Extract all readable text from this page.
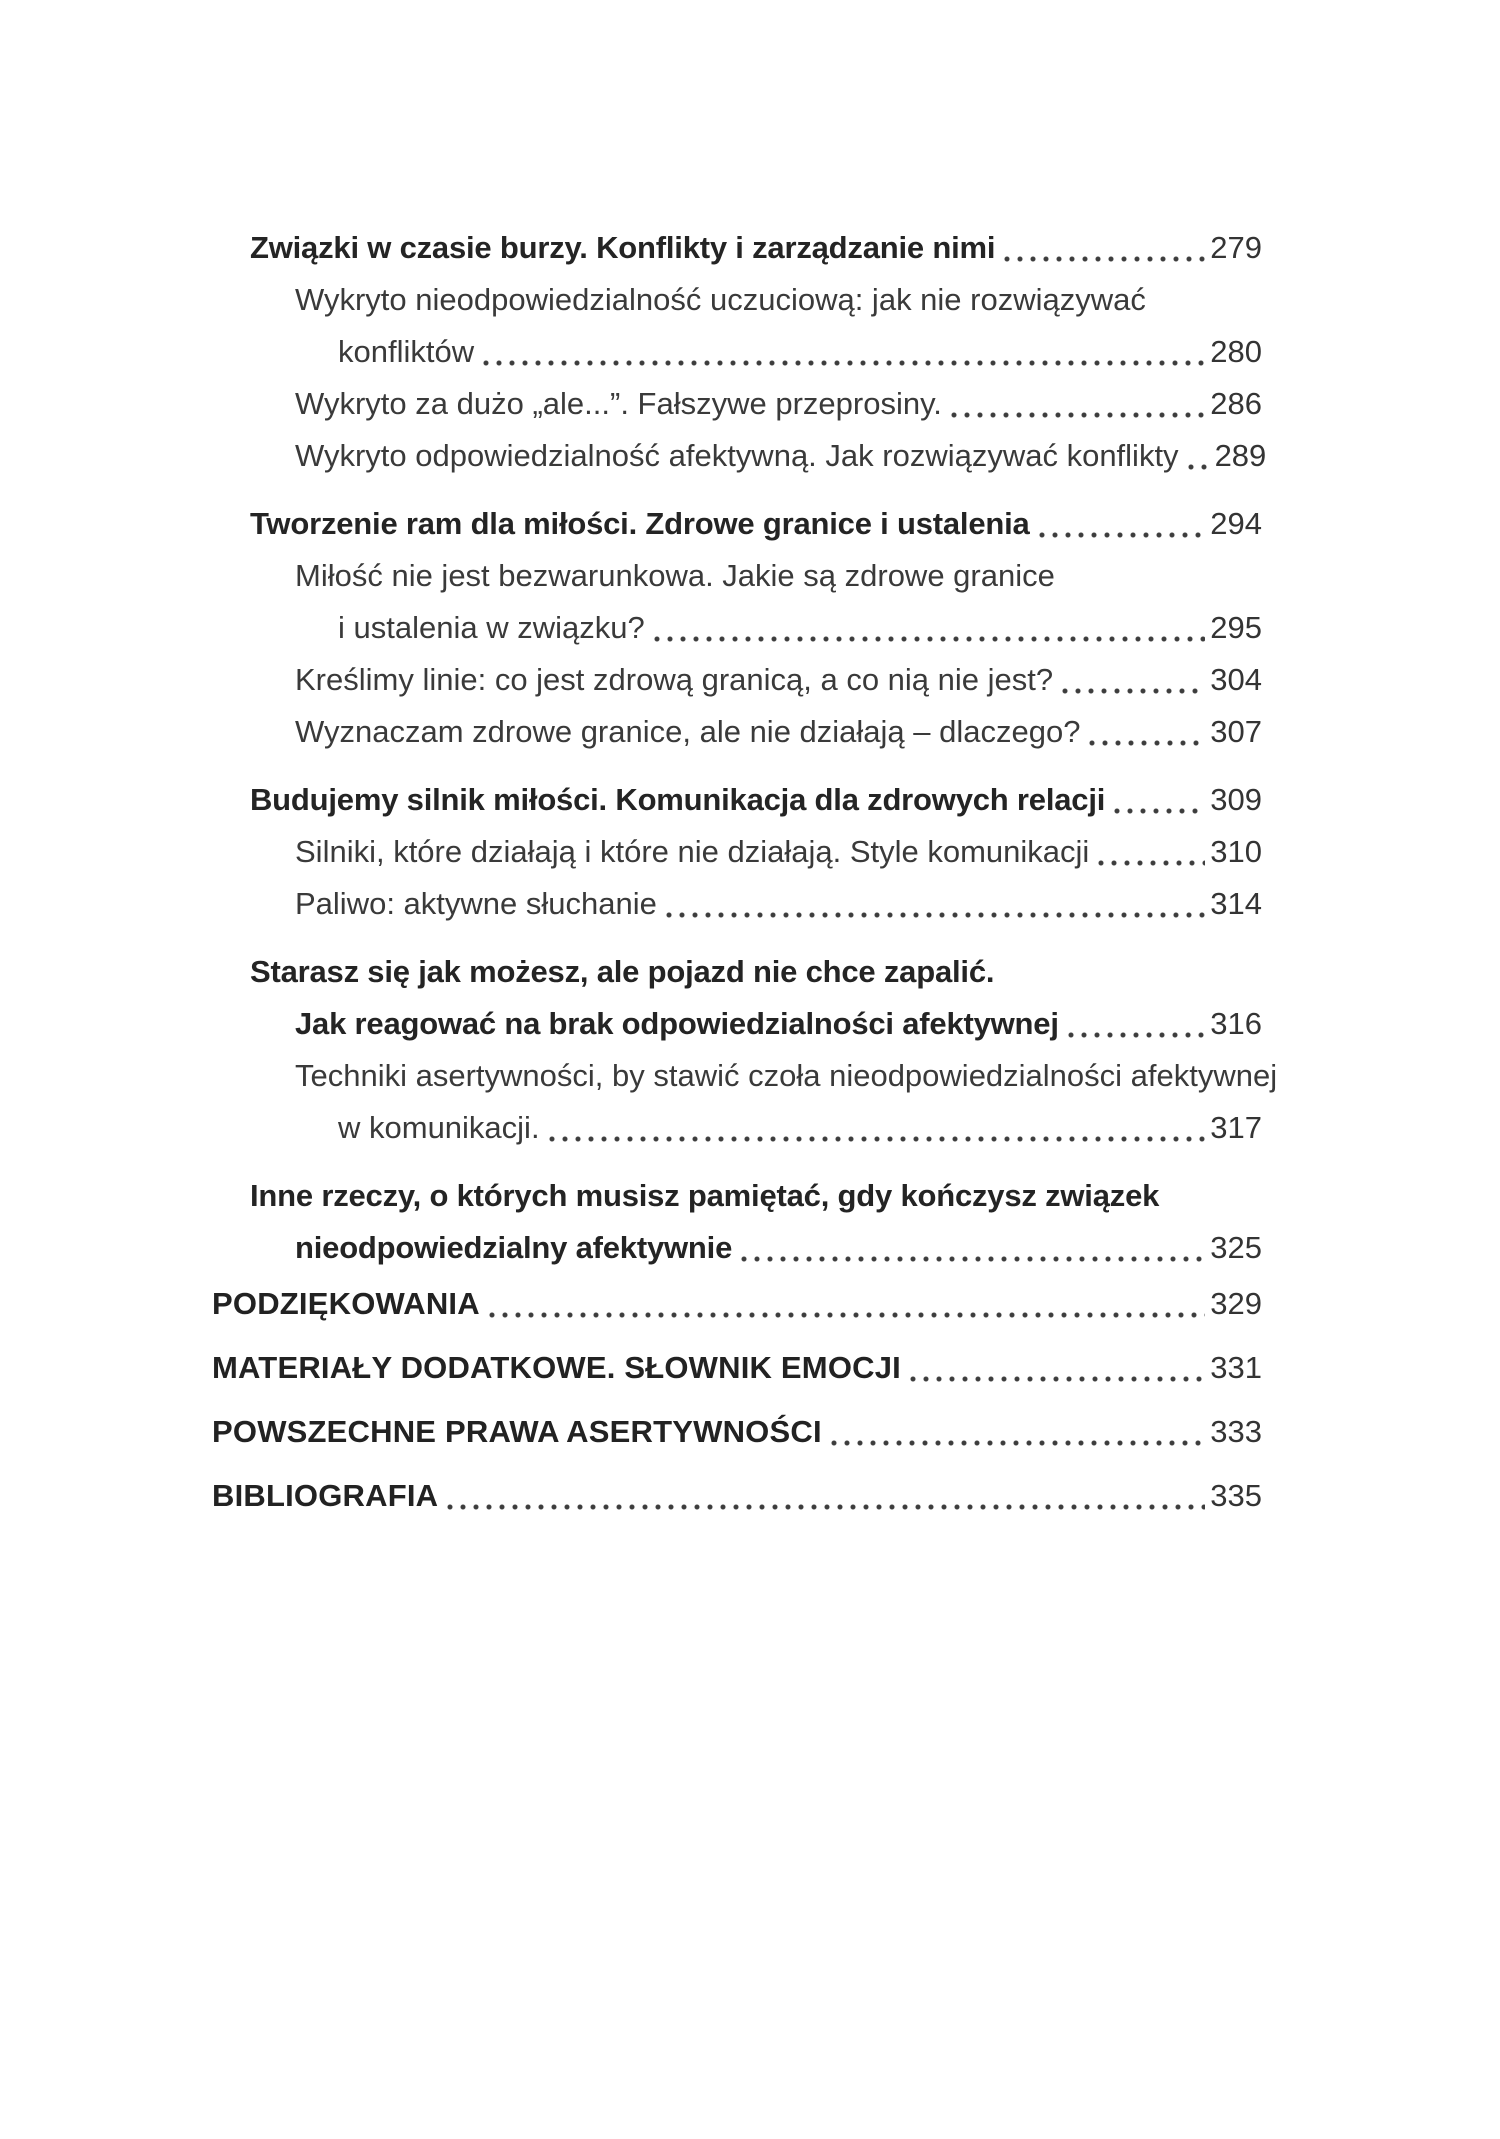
Związki w czasie burzy. Konflikty i zarządzanie nimi	279
Wykryto nieodpowiedzialność uczuciową: jak nie rozwiązywać
konfliktów	280
Wykryto za dużo „ale...”. Fałszywe przeprosiny.	286
Wykryto odpowiedzialność afektywną. Jak rozwiązywać konflikty 289
Tworzenie ram dla miłości. Zdrowe granice i ustalenia	294
Miłość nie jest bezwarunkowa. Jakie są zdrowe granice
i ustalenia w związku?	295
Kreślimy linie: co jest zdrową granicą, a co nią nie jest?	304
Wyznaczam zdrowe granice, ale nie działają – dlaczego?	307
Budujemy silnik miłości. Komunikacja dla zdrowych relacji	309
Silniki, które działają i które nie działają. Style komunikacji	310
Paliwo: aktywne słuchanie	314
Starasz się jak możesz, ale pojazd nie chce zapalić.
Jak reagować na brak odpowiedzialności afektywnej	316
Techniki asertywności, by stawić czoła nieodpowiedzialności afektywnej
w komunikacji.	317
Inne rzeczy, o których musisz pamiętać, gdy kończysz związek
nieodpowiedzialny afektywnie	325
PODZIĘKOWANIA	329
MATERIAŁY DODATKOWE. SŁOWNIK EMOCJI	331
POWSZECHNE PRAWA ASERTYWNOŚCI	333
BIBLIOGRAFIA	335
